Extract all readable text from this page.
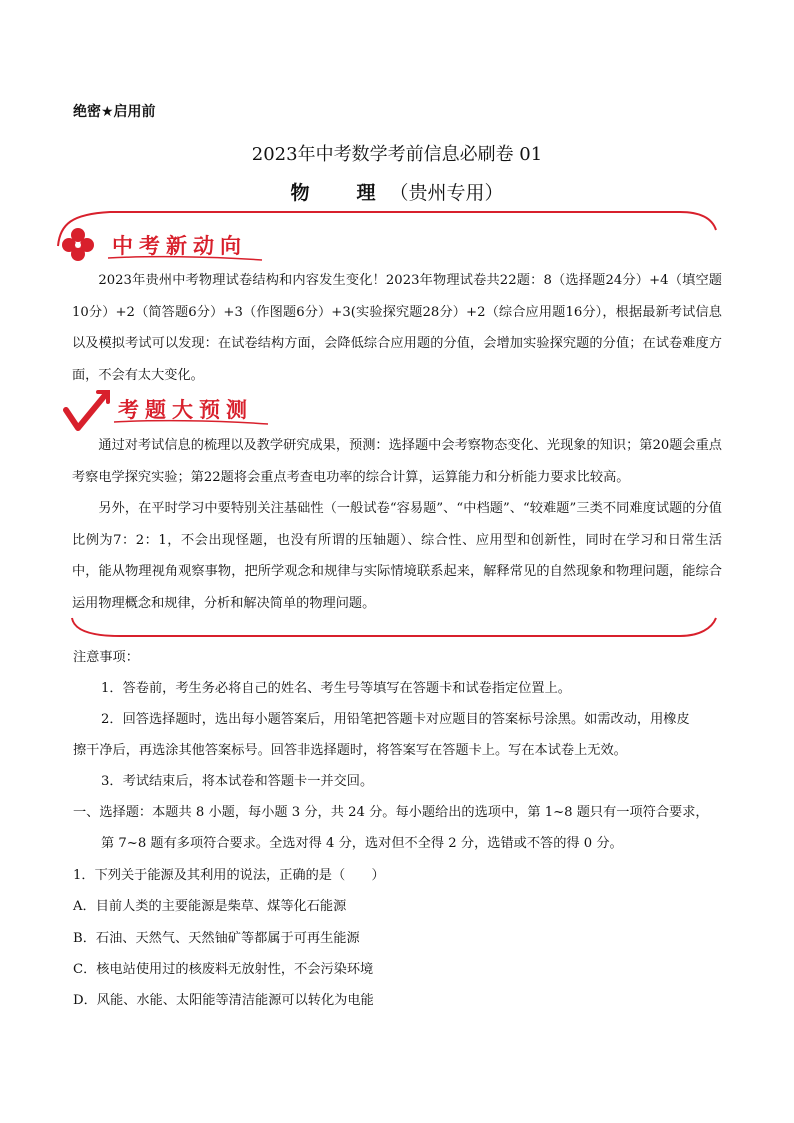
绝密★启用前
2023年中考数学考前信息必刷卷 01
物　理（贵州专用）
中考新动向

2023年贵州中考物理试卷结构和内容发生变化！2023年物理试卷共22题：8（选择题24分）+4（填空题10分）+2（简答题6分）+3（作图题6分）+3(实验探究题28分）+2（综合应用题16分），根据最新考试信息以及模拟考试可以发现：在试卷结构方面，会降低综合应用题的分值，会增加实验探究题的分值；在试卷难度方面，不会有太大变化。

考题大预测

通过对考试信息的梳理以及教学研究成果，预测：选择题中会考察物态变化、光现象的知识；第20题会重点考察电学探究实验；第22题将会重点考查电功率的综合计算，运算能力和分析能力要求比较高。

另外，在平时学习中要特别关注基础性（一般试卷“容易题”、“中档题”、“较难题”三类不同难度试题的分值比例为7：2：1，不会出现怪题，也没有所谓的压轴题）、综合性、应用型和创新性，同时在学习和日常生活中，能从物理视角观察事物，把所学观念和规律与实际情境联系起来，解释常见的自然现象和物理问题，能综合运用物理概念和规律，分析和解决简单的物理问题。

注意事项：
1．答卷前，考生务必将自己的姓名、考生号等填写在答题卡和试卷指定位置上。
2．回答选择题时，选出每小题答案后，用铅笔把答题卡对应题目的答案标号涂黑。如需改动，用橡皮
擦干净后，再选涂其他答案标号。回答非选择题时，将答案写在答题卡上。写在本试卷上无效。
3．考试结束后，将本试卷和答题卡一并交回。
一、选择题：本题共 8 小题，每小题 3 分，共 24 分。每小题给出的选项中，第 1~8 题只有一项符合要求，
第 7~8 题有多项符合要求。全选对得 4 分，选对但不全得 2 分，选错或不答的得 0 分。
1．下列关于能源及其利用的说法，正确的是（　　）
A．目前人类的主要能源是柴草、煤等化石能源
B．石油、天然气、天然铀矿等都属于可再生能源
C．核电站使用过的核废料无放射性，不会污染环境
D．风能、水能、太阳能等清洁能源可以转化为电能
